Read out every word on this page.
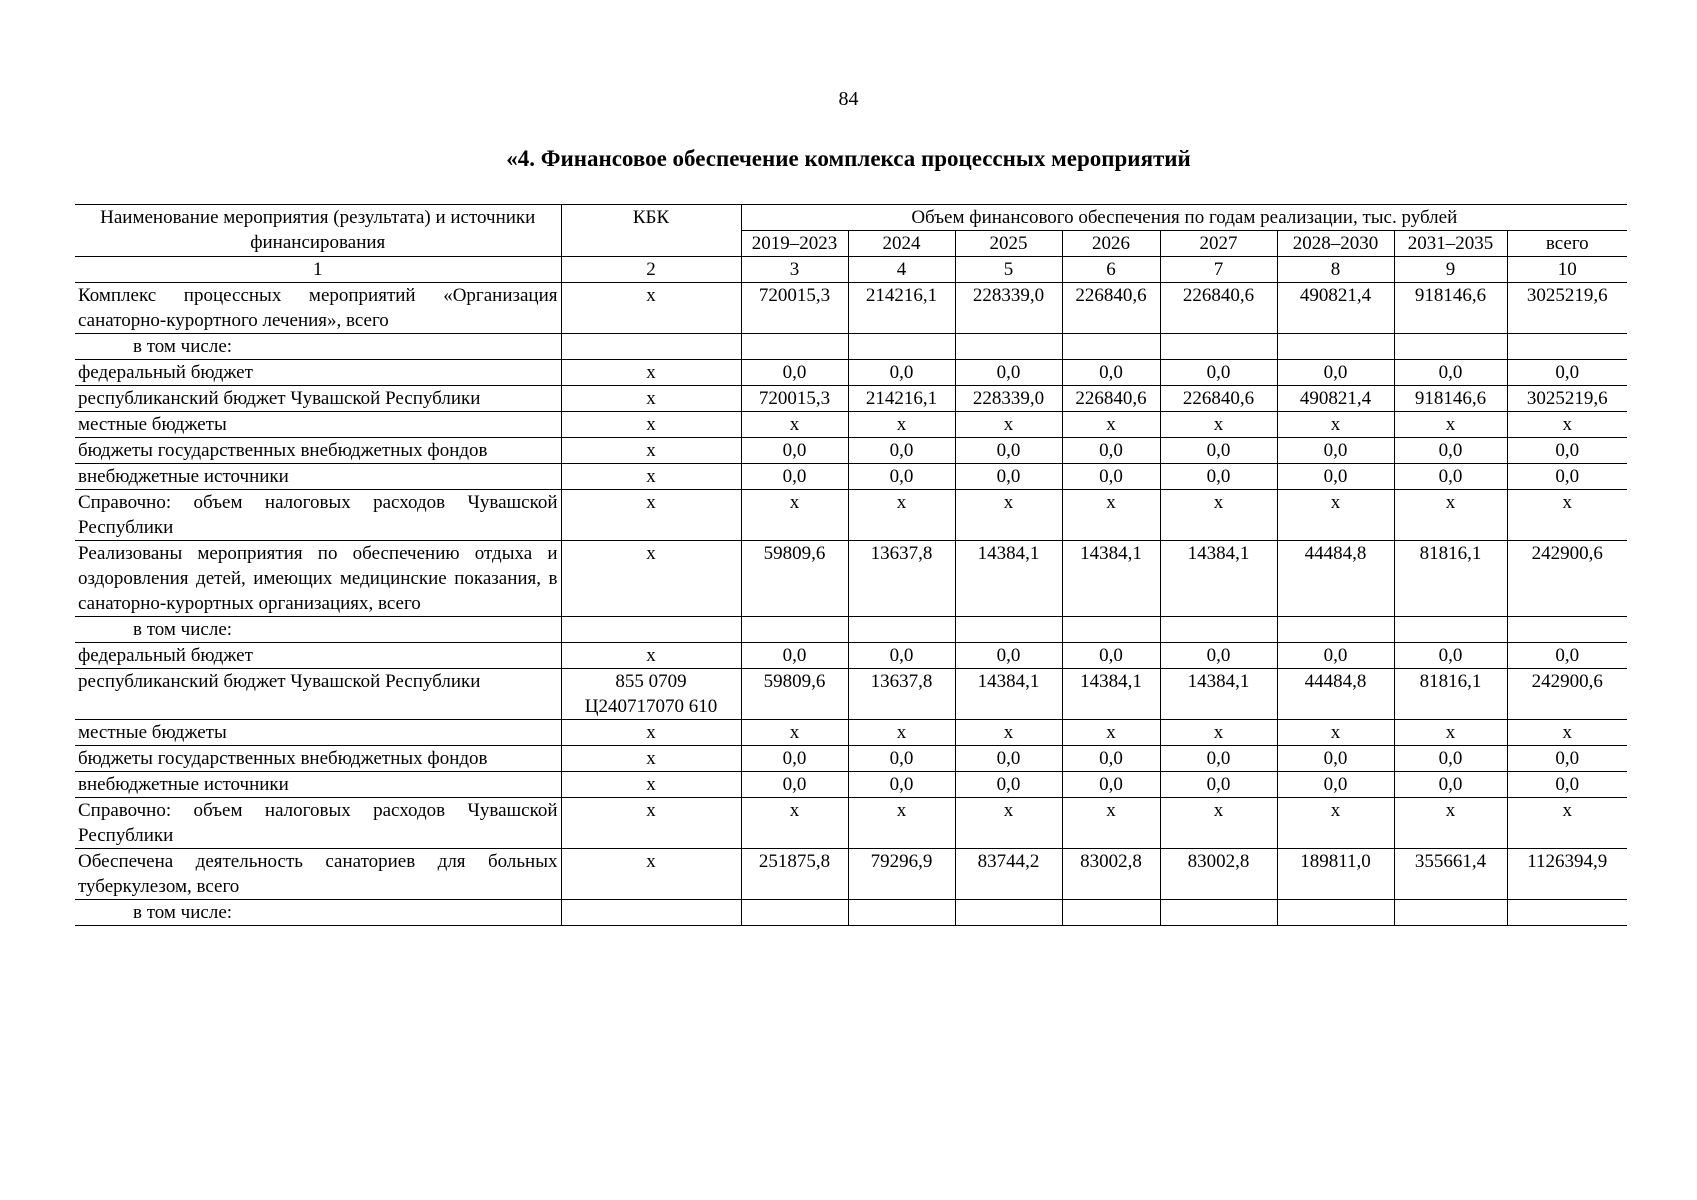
84
«4. Финансовое обеспечение комплекса процессных мероприятий
Наименование мероприятия (результата) и источники финансирования	КБК	Объем финансового обеспечения по годам реализации, тыс. рублей							
		2019–2023	2024	2025	2026	2027	2028–2030	2031–2035	всего
1	2	3	4	5	6	7	8	9	10
Комплекс процессных мероприятий «Организация санаторно-курортного лечения», всего	x	720015,3	214216,1	228339,0	226840,6	226840,6	490821,4	918146,6	3025219,6
в том числе:									
федеральный бюджет	x	0,0	0,0	0,0	0,0	0,0	0,0	0,0	0,0
республиканский бюджет Чувашской Республики	x	720015,3	214216,1	228339,0	226840,6	226840,6	490821,4	918146,6	3025219,6
местные бюджеты	x	x	x	x	x	x	x	x	x
бюджеты государственных внебюджетных фондов	x	0,0	0,0	0,0	0,0	0,0	0,0	0,0	0,0
внебюджетные источники	x	0,0	0,0	0,0	0,0	0,0	0,0	0,0	0,0
Справочно: объем налоговых расходов Чувашской Республики	x	x	x	x	x	x	x	x	x
Реализованы мероприятия по обеспечению отдыха и оздоровления детей, имеющих медицинские показания, в санаторно-курортных организациях, всего	x	59809,6	13637,8	14384,1	14384,1	14384,1	44484,8	81816,1	242900,6
в том числе:									
федеральный бюджет	x	0,0	0,0	0,0	0,0	0,0	0,0	0,0	0,0
республиканский бюджет Чувашской Республики	855 0709 Ц240717070 610	59809,6	13637,8	14384,1	14384,1	14384,1	44484,8	81816,1	242900,6
местные бюджеты	x	x	x	x	x	x	x	x	x
бюджеты государственных внебюджетных фондов	x	0,0	0,0	0,0	0,0	0,0	0,0	0,0	0,0
внебюджетные источники	x	0,0	0,0	0,0	0,0	0,0	0,0	0,0	0,0
Справочно: объем налоговых расходов Чувашской Республики	x	x	x	x	x	x	x	x	x
Обеспечена деятельность санаториев для больных туберкулезом, всего	x	251875,8	79296,9	83744,2	83002,8	83002,8	189811,0	355661,4	1126394,9
в том числе:									
